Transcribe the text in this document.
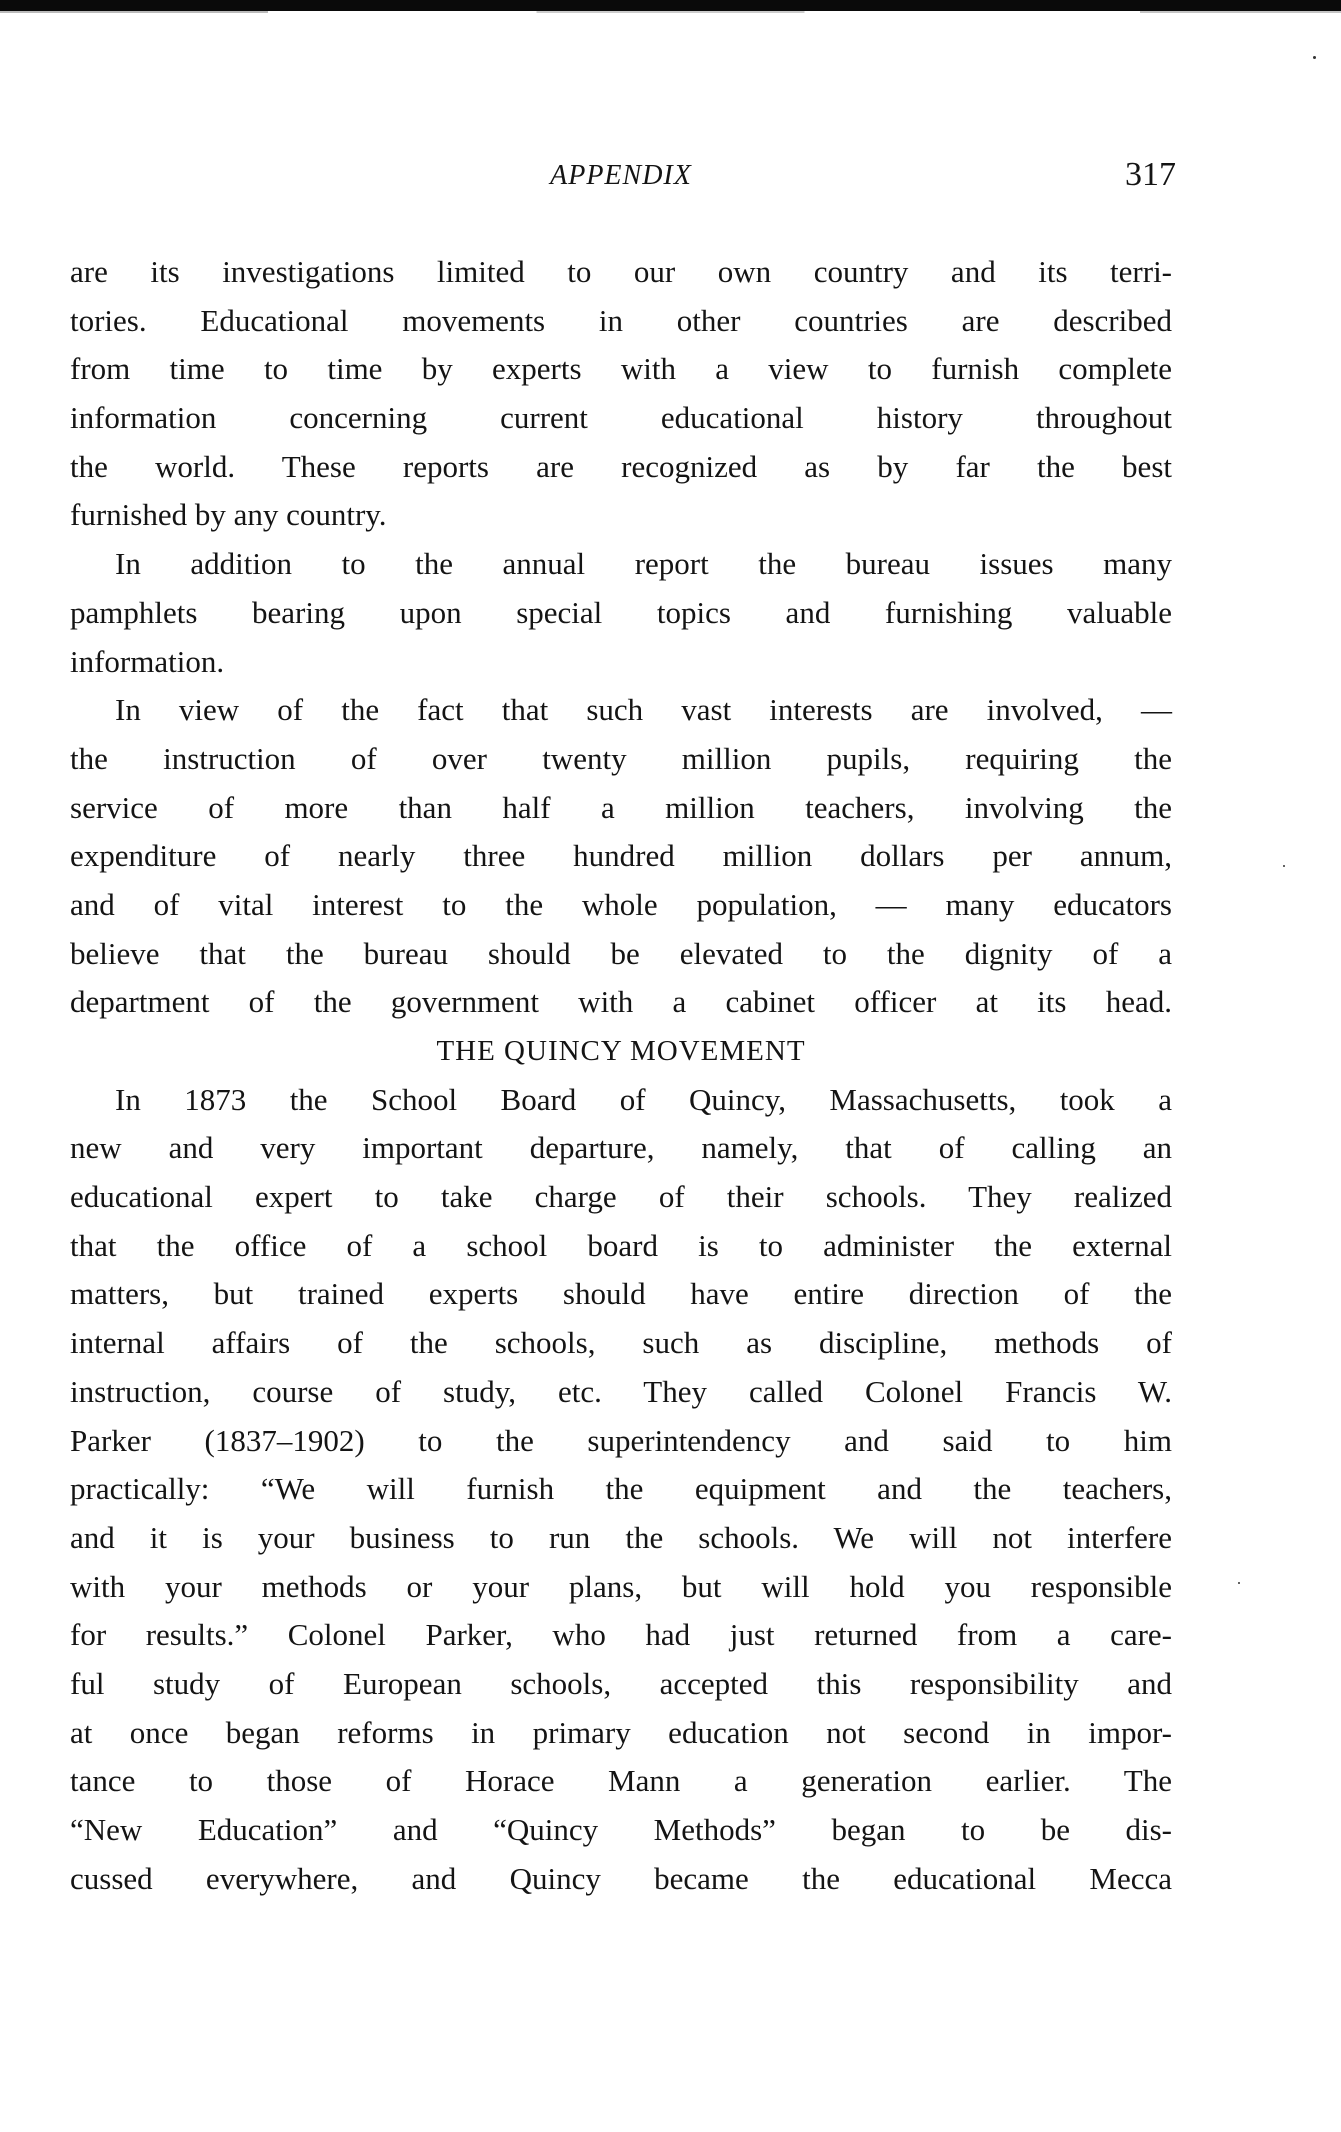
APPENDIX	317
are its investigations limited to our own country and its terri-
tories. Educational movements in other countries are described
from time to time by experts with a view to furnish complete
information concerning current educational history throughout
the world. These reports are recognized as by far the best
furnished by any country.
In addition to the annual report the bureau issues many
pamphlets bearing upon special topics and furnishing valuable
information.
In view of the fact that such vast interests are involved, —
the instruction of over twenty million pupils, requiring the
service of more than half a million teachers, involving the
expenditure of nearly three hundred million dollars per annum,
and of vital interest to the whole population, — many educators
believe that the bureau should be elevated to the dignity of a
department of the government with a cabinet officer at its head.
THE QUINCY MOVEMENT
In 1873 the School Board of Quincy, Massachusetts, took a
new and very important departure, namely, that of calling an
educational expert to take charge of their schools. They realized
that the office of a school board is to administer the external
matters, but trained experts should have entire direction of the
internal affairs of the schools, such as discipline, methods of
instruction, course of study, etc. They called Colonel Francis W.
Parker (1837–1902) to the superintendency and said to him
practically: “We will furnish the equipment and the teachers,
and it is your business to run the schools. We will not interfere
with your methods or your plans, but will hold you responsible
for results.” Colonel Parker, who had just returned from a care-
ful study of European schools, accepted this responsibility and
at once began reforms in primary education not second in impor-
tance to those of Horace Mann a generation earlier. The
“New Education” and “Quincy Methods” began to be dis-
cussed everywhere, and Quincy became the educational Mecca
